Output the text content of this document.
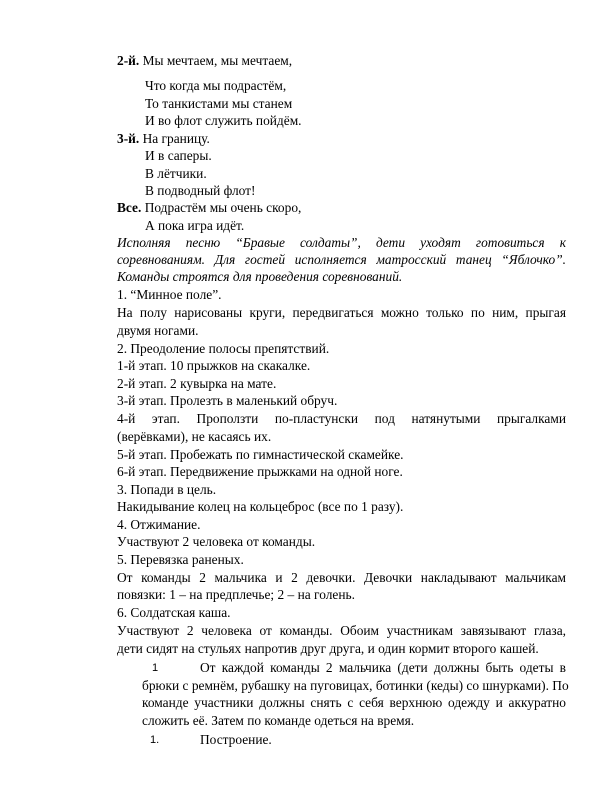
2-й. Мы мечтаем, мы мечтаем,
Что когда мы подрастём,
То танкистами мы станем
И во флот служить пойдём.
3-й. На границу.
И в саперы.
В лётчики.
В подводный флот!
Все. Подрастём мы очень скоро,
А пока игра идёт.
Исполняя песню “Бравые солдаты”, дети уходят готовиться к
соревнованиям. Для гостей исполняется матросский танец “Яблочко”.
Команды строятся для проведения соревнований.
1. “Минное поле”.
На полу нарисованы круги, передвигаться можно только по ним, прыгая
двумя ногами.
2. Преодоление полосы препятствий.
1-й этап. 10 прыжков на скакалке.
2-й этап. 2 кувырка на мате.
3-й этап. Пролезть в маленький обруч.
4-й этап. Проползти по-пластунски под натянутыми прыгалками
(верёвками), не касаясь их.
5-й этап. Пробежать по гимнастической скамейке.
6-й этап. Передвижение прыжками на одной ноге.
3. Попади в цель.
Накидывание колец на кольцеброс (все по 1 разу).
4. Отжимание.
Участвуют 2 человека от команды.
5. Перевязка раненых.
От команды 2 мальчика и 2 девочки. Девочки накладывают мальчикам
повязки: 1 – на предплечье; 2 – на голень.
6. Солдатская каша.
Участвуют 2 человека от команды. Обоим участникам завязывают глаза,
дети сидят на стульях напротив друг друга, и один кормит второго кашей.
1	От каждой команды 2 мальчика (дети должны быть одеты в
брюки с ремнём, рубашку на пуговицах, ботинки (кеды) со шнурками). По
команде участники должны снять с себя верхнюю одежду и аккуратно
сложить её. Затем по команде одеться на время.
1.	Построение.
